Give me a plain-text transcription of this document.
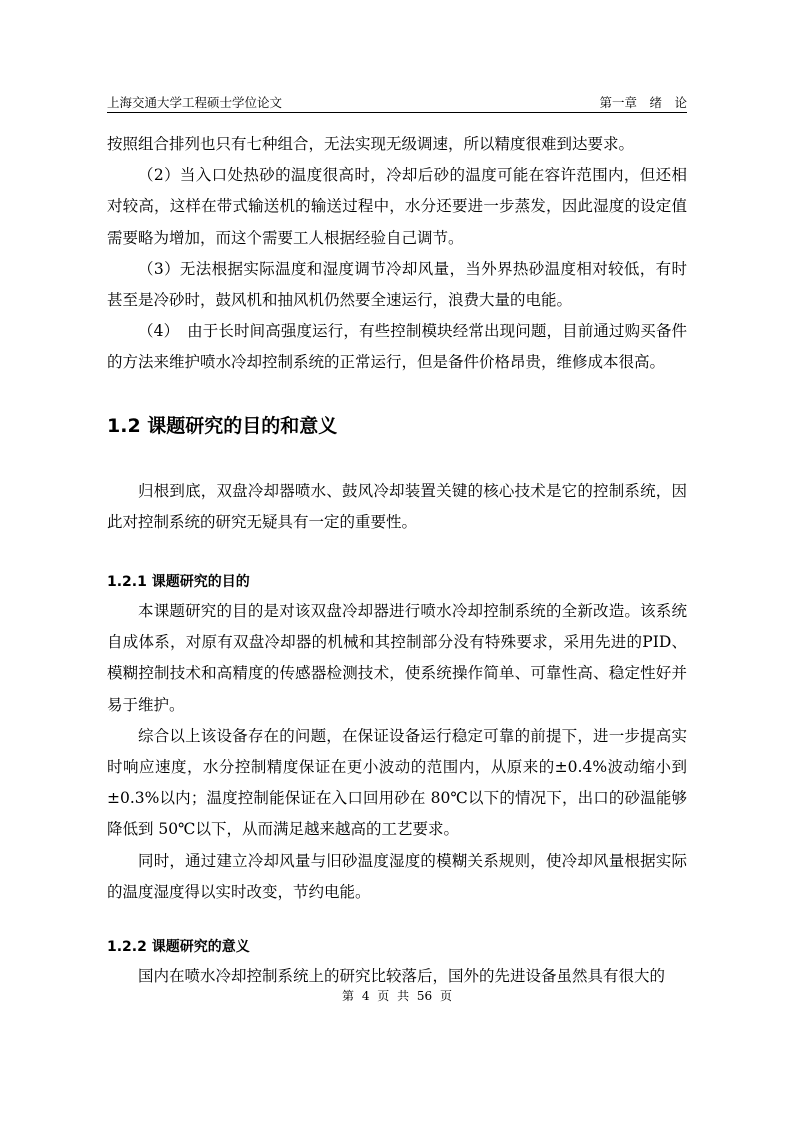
上海交通大学工程硕士学位论文	第一章　绪　论

按照组合排列也只有七种组合，无法实现无级调速，所以精度很难到达要求。

（2）当入口处热砂的温度很高时，冷却后砂的温度可能在容许范围内，但还相对较高，这样在带式输送机的输送过程中，水分还要进一步蒸发，因此湿度的设定值需要略为增加，而这个需要工人根据经验自己调节。

（3）无法根据实际温度和湿度调节冷却风量，当外界热砂温度相对较低，有时甚至是冷砂时，鼓风机和抽风机仍然要全速运行，浪费大量的电能。

（4）　由于长时间高强度运行，有些控制模块经常出现问题，目前通过购买备件的方法来维护喷水冷却控制系统的正常运行，但是备件价格昂贵，维修成本很高。

1.2 课题研究的目的和意义

归根到底，双盘冷却器喷水、鼓风冷却装置关键的核心技术是它的控制系统，因此对控制系统的研究无疑具有一定的重要性。

1.2.1 课题研究的目的

本课题研究的目的是对该双盘冷却器进行喷水冷却控制系统的全新改造。该系统自成体系，对原有双盘冷却器的机械和其控制部分没有特殊要求，采用先进的PID、模糊控制技术和高精度的传感器检测技术，使系统操作简单、可靠性高、稳定性好并易于维护。

综合以上该设备存在的问题，在保证设备运行稳定可靠的前提下，进一步提高实时响应速度，水分控制精度保证在更小波动的范围内，从原来的±0.4%波动缩小到±0.3%以内；温度控制能保证在入口回用砂在 80℃以下的情况下，出口的砂温能够降低到 50℃以下，从而满足越来越高的工艺要求。

同时，通过建立冷却风量与旧砂温度湿度的模糊关系规则，使冷却风量根据实际的温度湿度得以实时改变，节约电能。

1.2.2 课题研究的意义

国内在喷水冷却控制系统上的研究比较落后，国外的先进设备虽然具有很大的

第 4 页 共 56 页
